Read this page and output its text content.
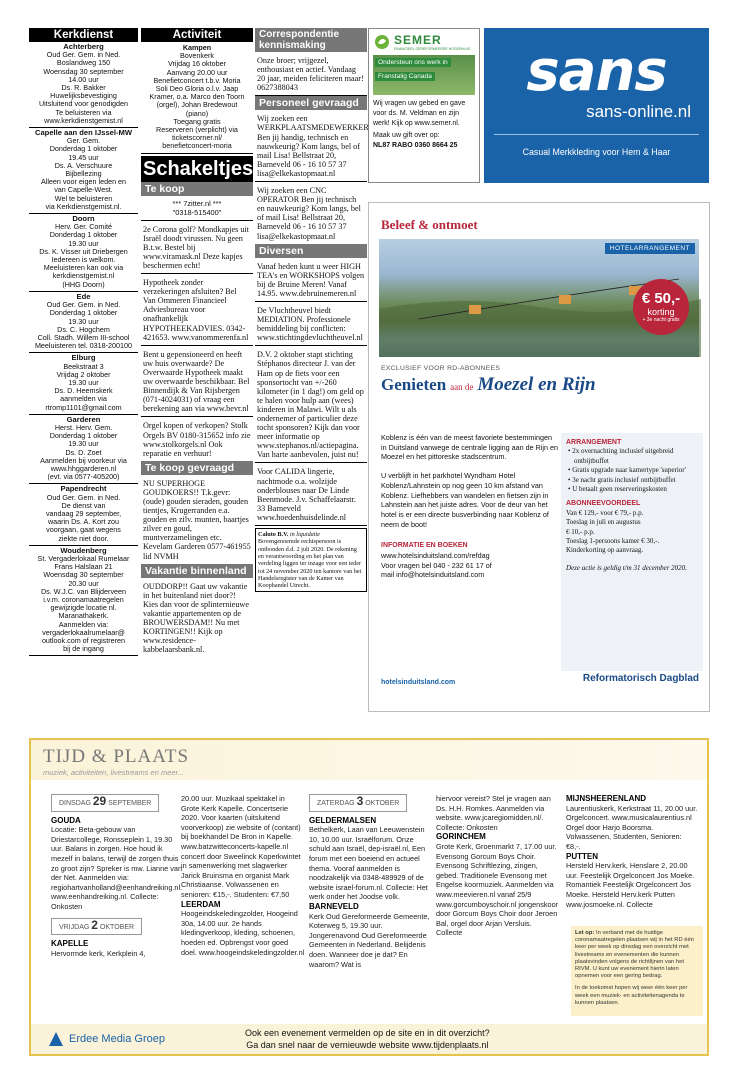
Kerkdienst
Achterberg
Oud Ger. Gem. in Ned.
Boslandweg 150
Woensdag 30 september
14.00 uur
Ds. R. Bakker
Huwelijksbevestiging
Uitsluitend voor genodigden
Te beluisteren via
www.kerkdienstgemist.nl
Capelle aan den IJssel-MW
Ger. Gem.
Donderdag 1 oktober
19.45 uur
Ds. A. Verschuure
Bijbellezing
Alleen voor eigen leden en
van Capelle-West.
Wel te beluisteren
via Kerkdienstgemist.nl.
Doorn
Herv. Ger. Comité
Donderdag 1 oktober
19.30 uur
Ds. K. Visser uit Driebergen
Iedereen is welkom.
Meeluisteren kan ook via
kerkdienstgemist.nl
(HHG Doorn)
Ede
Oud Ger. Gem. in Ned.
Donderdag 1 oktober
19.30 uur
Ds. C. Hogchem
Coll. Stadh. Willem III-school
Meeluisteren tel. 0318-200100
Elburg
Beekstraat 3
Vrijdag 2 oktober
19.30 uur
Ds. D. Heemskerk
aanmelden via
rtromp1101@gmail.com
Garderen
Herst. Herv. Gem.
Donderdag 1 oktober
19.30 uur
Ds. D. Zoet
Aanmelden bij voorkeur via
www.hhggarderen.nl
(evt. via 0577-405200)
Papendrecht
Oud Ger. Gem. in Ned.
De dienst van
vandaag 29 september,
waarin Ds. A. Kort zou
voorgaan, gaat wegens
ziekte niet door.
Woudenberg
St. Vergaderlokaal Rumelaar
Frans Halslaan 21
Woensdag 30 september
20.30 uur
Ds. W.J.C. van Blijderveen
i.v.m. coronamaatregelen
gewijzigde locatie nl.
Maranathakerk.
Aanmelden via:
vergaderlokaalrumelaar@
outlook.com of registreren
bij de ingang
Activiteit
Kampen
Bovenkerk
Vrijdag 16 oktober
Aanvang 20.00 uur
Benefietconcert t.b.v. Moria
Soli Deo Gloria o.l.v. Jaap
Kramer, o.a. Marco den Toorn
(orgel), Johan Bredewout
(piano)
Toegang gratis
Reserveren (verplicht) via
ticketscorner.nl/
benefietconcert-moria
Schakeltjes
Te koop
*** 7zitter.nl ***
"0318-515400"
2e Corona golf? Mondkapjes uit Israël doodt virussen. Nu geen B.t.w. Bestel bij www.viramask.nl Deze kapjes beschermen echt!
Hypotheek zonder verzekeringen afsluiten? Bel Van Ommeren Financieel Adviesbureau voor onafhankelijk HYPOTHEEKADVIES. 0342-421653. www.vanommerenfa.nl
Bent u gepensioneerd en heeft uw huis overwaarde? De Overwaarde Hypotheek maakt uw overwaarde beschikbaar. Bel Binnendijk & Van Rijsbergen (071-4024031) of vraag een berekening aan via www.bevr.nl
Orgel kopen of verkopen? Stolk Orgels BV 0180-315652 info zie www.stolkorgels.nl Ook reparatie en verhuur!
Te koop gevraagd
NU SUPERHOGE GOUDKOERS!! T.k.gevr: (oude) gouden sieraden, gouden tientjes, Krugerranden e.a. gouden en zilv. munten, baartjes zilver en goud, muntverzamelingen etc. Kevelam Garderen 0577-461955 lid NVMH
Vakantie binnenland
OUDDORP!! Gaat uw vakantie in het buitenland niet door?! Kies dan voor de splinternieuwe vakantie appartementen op de BROUWERSDAM!! Nu met KORTINGEN!! Kijk op www.residence-kabbelaarsbank.nl.
Correspondentie kennismaking
Onze broer; vrijgezel, enthousiast en actief. Vandaag 20 jaar, meiden feliciteren maar! 0627388043
Personeel gevraagd
Wij zoeken een WERKPLAATSMEDEWERKER Ben jij handig, technisch en nauwkeurig? Kom langs, bel of mail Lisa! Bellstraat 20, Barneveld 06 - 16 10 57 37 lisa@elkekastopmaat.nl
Wij zoeken een CNC OPERATOR Ben jij technisch en nauwkeurig? Kom langs, bel of mail Lisa! Bellstraat 20, Barneveld 06 - 16 10 57 37 lisa@elkekastopmaat.nl
Diversen
Vanaf heden kunt u weer HIGH TEA's en WORKSHOPS volgen bij de Bruine Meren! Vanaf 14.95. www.debruinemeren.nl
De Vluchtheuvel biedt MEDIATION. Professionele bemiddeling bij conflicten: www.stichtingdevluchtheuvel.nl
D.V. 2 oktober stapt stichting Stéphanos directeur J. van der Ham op de fiets voor een sponsortocht van +/-260 kilometer (in 1 dag!) om geld op te halen voor hulp aan (wees) kinderen in Malawi. Wilt u als ondernemer of particulier deze tocht sponsoren? Kijk dan voor meer informatie op www.stephanos.nl/actiepagina. Van harte aanbevolen, juist nu!
Voor CALIDA lingerie, nachtmode o.a. wolzijde onderblouses naar De Linde Beenmode. J.v. Schaffelaarstr. 33 Barneveld www.hoedenhuisdelinde.nl
Caluto B.V. in liquidatie
Bovengenoemde rechtspersoon is ontbonden d.d. 2 juli 2020. De rekening en verantwoording en het plan van verdeling liggen ter inzage voor een ieder tot 24 november 2020 ten kantore van het Handelsregister van de Kamer van Koophandel Utrecht.
SEMER
FINANCIEEL GEREFORMEERDE HOGERHUIS
Ondersteun ons werk in
Franstalig Canada
Wij vragen uw gebed en gave voor ds. M. Veldman en zijn werk! Kijk op www.semer.nl.
Maak uw gift over op:
NL87 RABO 0360 8664 25
sans
sans-online.nl
Casual Merkkleding voor Hem & Haar
Beleef & ontmoet
HOTELARRANGEMENT
€ 50,-
korting
+ 3e nacht gratis
EXCLUSIEF VOOR RD-ABONNEES
Genieten aan de Moezel en Rijn
Koblenz is één van de meest favoriete bestemmingen in Duitsland vanwege de centrale ligging aan de Rijn en Moezel en het pittoreske stadscentrum.
U verblijft in het parkhotel Wyndham Hotel Koblenz/Lahnstein op nog geen 10 km afstand van Koblenz. Liefhebbers van wandelen en fietsen zijn in Lahnstein aan het juiste adres. Voor de deur van het hotel is er een directe busverbinding naar Koblenz of neem de boot!
INFORMATIE EN BOEKEN
www.hotelsinduitsland.com/refdag
Voor vragen bel 040 - 232 61 17 of
mail info@hotelsinduitsland.com
ARRANGEMENT
• 2x overnachting inclusief uitgebreid ontbijtbuffet
• Gratis upgrade naar kamertype 'superior'
• 3e nacht gratis inclusief ontbijtbuffet
• U betaalt geen reserveringskosten
ABONNEEVOORDEEL
Van € 129,- voor € 79,- p.p.
Toeslag in juli en augustus
€ 10,- p.p.
Toeslag 1-persoons kamer € 30,-.
Kinderkorting op aanvraag.
Deze actie is geldig t/m 31 december 2020.
hotelsinduitsland.com	Reformatorisch Dagblad
TIJD & PLAATS
muziek, activiteiten, livestreams en meer...
DINSDAG 29 SEPTEMBER
GOUDA
Locatie: Beta-gebouw van Driestarcollege, Ronsseplein 1, 19.30 uur. Balans in zorgen. Hoe houd ik mezelf in balans, terwijl de zorgen thuis zo groot zijn? Spreker is mw. Lianne van der Net. Aanmelden via: regiohartvanholland@eenhandreiking.nl. www.eenhandreiking.nl. Collecte: Onkosten
VRIJDAG 2 OKTOBER
KAPELLE
Hervormde kerk, Kerkplein 4,
20.00 uur. Muzikaal spektakel in Grote Kerk Kapelle. Concertserie 2020. Voor kaarten (uitsluitend voorverkoop) zie website of (contant) bij boekhandel De Bron in Kapelle. www.batzwitteconcerts-kapelle.nl concert door Sweelinck Koperkwintet in samenwerking met slagwerker Jarick Bruinsma en organist Mark Christiaanse. Volwassenen en senioren: €15,-. Studenten: €7,50
LEERDAM
Hoogeindskeledingzolder, Hoogeind 30a, 14.00 uur. 2e hands kledingverkoop, kleding, schoenen, hoeden ed. Opbrengst voor goed doel. www.hoogeindskeledingzolder.nl
ZATERDAG 3 OKTOBER
GELDERMALSEN
Bethelkerk, Laan van Leeuwenstein 10, 10.00 uur. Israëlforum. Onze schuld aan Israël, dep-israël.nl, Een forum met een boeiend en actueel thema. Vooraf aanmelden is noodzakelijk via 0348-489929 of de website israel-forum.nl. Collecte: Het werk onder het Joodse volk.
BARNEVELD
Kerk Oud Gereformeerde Gemeente, Koterweg 5, 19.30 uur. Jongerenavond Oud Gereformeerde Gemeenten in Nederland. Belijdenis doen. Wanneer doe je dat? En waarom? Wat is
hiervoor vereist? Stel je vragen aan Ds. H.H. Romkes. Aanmelden via website. www.jcaregiomidden.nl/. Collecte: Onkosten
GORINCHEM
Grote Kerk, Groenmarkt 7, 17.00 uur. Evensong Gorcum Boys Choir. Evensong Schriftlezing, zingen, gebed. Traditionele Evensong met Engelse koormuziek. Aanmelden via www.meevieren.nl vanaf 25/9 www.gorcumboyschoir.nl jongenskoor door Gorcum Boys Choir door Jeroen Bal, orgel door Arjan Versluis. Collecte
MIJNSHEERENLAND
Laurentiuskerk, Kerkstraat 11, 20.00 uur. Orgelconcert. www.musicalaurentius.nl Orgel door Harjo Boorsma. Volwassenen, Studenten, Senioren: €8,-.
PUTTEN
Hersteld Herv.kerk, Henslare 2, 20.00 uur. Feestelijk Orgelconcert Jos Moeke. Romantiek Feestelijk Orgelconcert Jos Moeke. Hersteld Herv.kerk Putten www.josmoeke.nl. Collecte
Let op: In verband met de huidige coronamaatregelen plaatsen wij in het RD één keer per week op dinsdag een overzicht met livestreams en evenementen die kunnen plaatsvinden volgens de richtlijnen van het RIVM. U kunt uw evenement hierin laten opnemen voor een gering bedrag.
In de toekomst hopen wij weer één keer per week een muziek- en activiteitenagenda te kunnen plaatsen.
Erdee Media Groep	Ook een evenement vermelden op de site en in dit overzicht?
Ga dan snel naar de vernieuwde website www.tijdenplaats.nl
